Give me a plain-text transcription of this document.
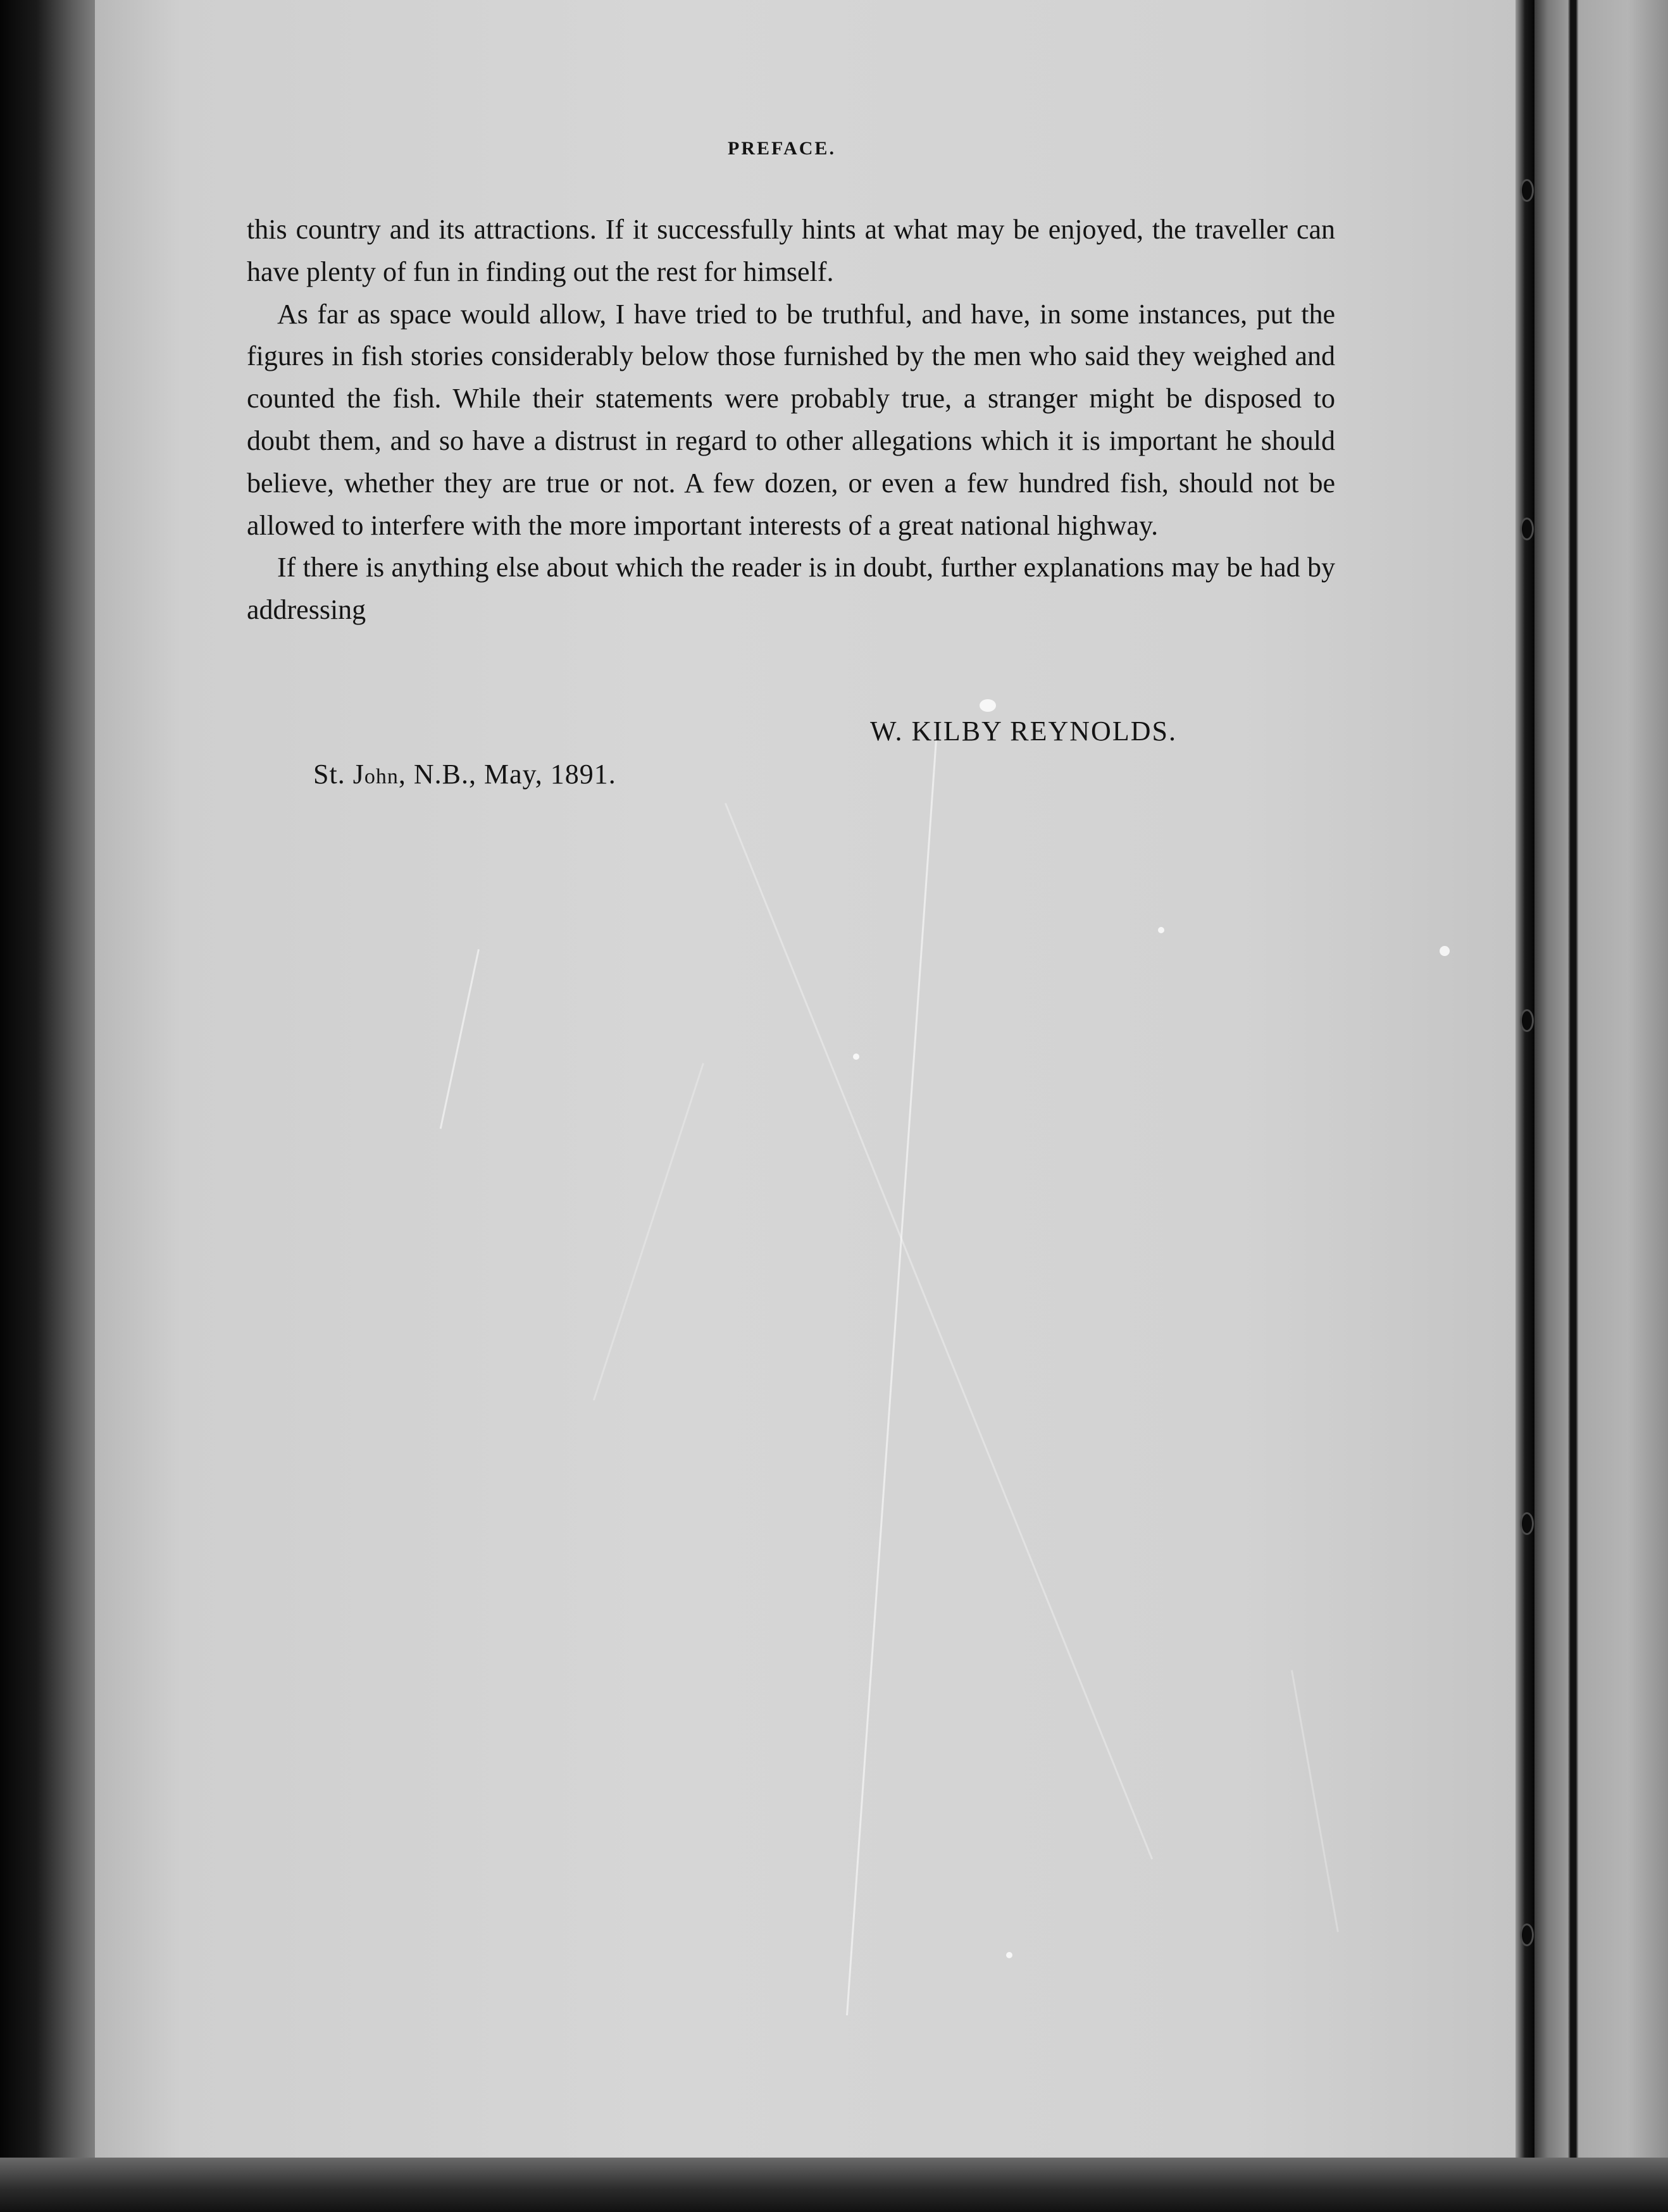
PREFACE.

this country and its attractions. If it successfully hints at what may be enjoyed, the traveller can have plenty of fun in finding out the rest for himself.

As far as space would allow, I have tried to be truthful, and have, in some instances, put the figures in fish stories considerably below those furnished by the men who said they weighed and counted the fish. While their statements were probably true, a stranger might be disposed to doubt them, and so have a distrust in regard to other allegations which it is important he should believe, whether they are true or not. A few dozen, or even a few hundred fish, should not be allowed to interfere with the more important interests of a great national highway.

If there is anything else about which the reader is in doubt, further explanations may be had by addressing

W. KILBY REYNOLDS.
St. John, N.B., May, 1891.
